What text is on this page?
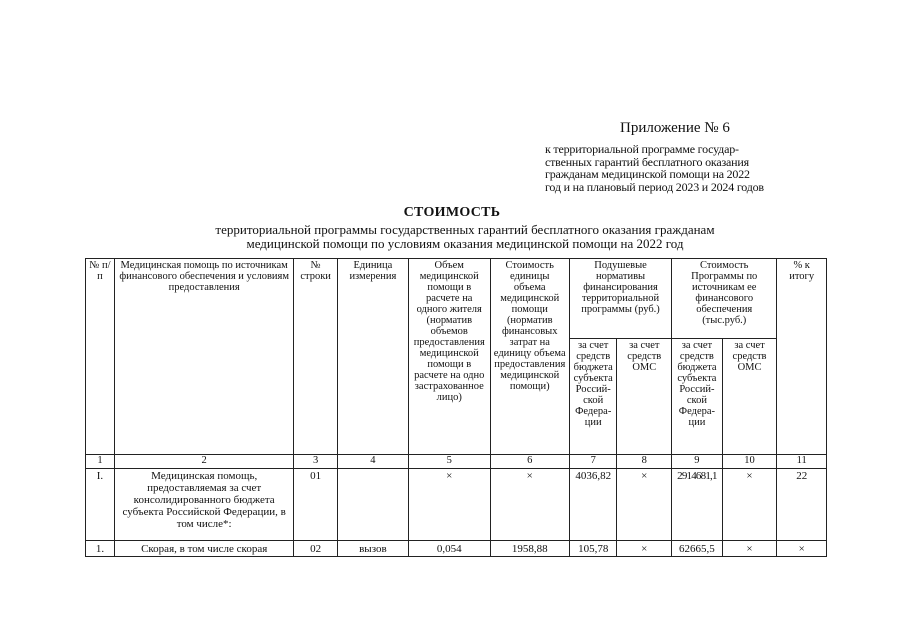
Приложение № 6
к территориальной программе государ-
ственных гарантий бесплатного оказания
гражданам медицинской помощи на 2022
год и на плановый период 2023 и 2024 годов
СТОИМОСТЬ
территориальной программы государственных гарантий бесплатного оказания гражданам
медицинской помощи по условиям оказания медицинской помощи на 2022 год
№ п/п	Медицинская помощь по источникам финансового обеспечения и условиям предоставления	№ строки	Единица измерения	Объем медицинской помощи в расчете на одного жителя (норматив объемов предоставления медицинской помощи в расчете на одно застрахованное лицо)	Стоимость единицы объема медицинской помощи (норматив финансовых затрат на единицу объема предоставления медицинской помощи)	Подушевые нормативы финансирования территориальной программы (руб.)		Стоимость Программы по источникам ее финансового обеспечения (тыс.руб.)		% к итогу
						за счет средств бюджета субъекта Российской Федерации	за счет средств ОМС	за счет средств бюджета субъекта Российской Федерации	за счет средств ОМС	
1	2	3	4	5	6	7	8	9	10	11
I.	Медицинская помощь, предоставляемая за счет консолидированного бюджета субъекта Российской Федерации, в том числе*:	01		×	×	4036,82	×	2914681,1	×	22
1.	Скорая, в том числе скорая	02	вызов	0,054	1958,88	105,78	×	62665,5	×	×
